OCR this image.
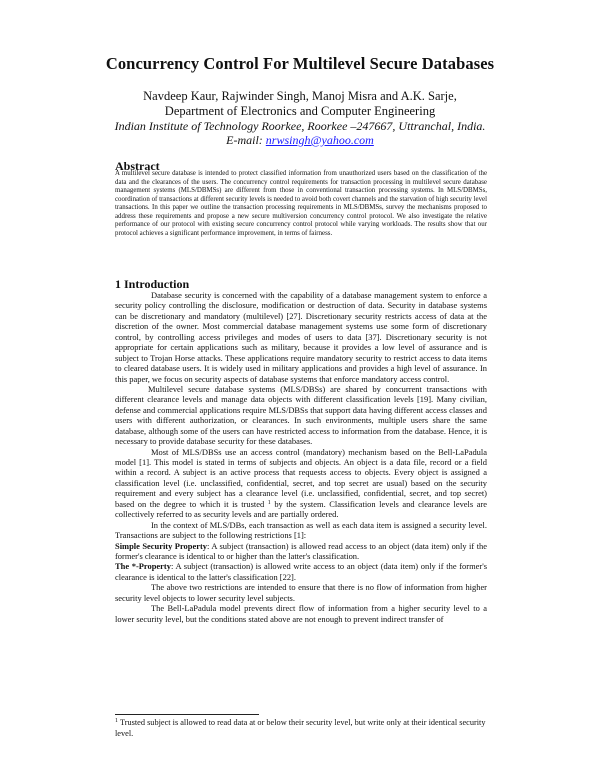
Concurrency Control For Multilevel Secure Databases
Navdeep Kaur, Rajwinder Singh, Manoj Misra and A.K. Sarje,
Department of Electronics and Computer Engineering
Indian Institute of Technology Roorkee, Roorkee –2476​67, Uttranchal, India.
E-mail: nrwsingh@yahoo.com
Abstract
A multilevel secure database is intended to protect classified information from unauthorized users based on the classification of the data and the clearances of the users. The concurrency control requirements for transaction processing in multilevel secure database management systems (MLS/DBMSs) are different from those in conventional transaction processing systems. In MLS/DBMSs, coordination of transactions at different security levels is needed to avoid both covert channels and the starvation of high security level transactions. In this paper we outline the transaction processing requirements in MLS/DBMSs, survey the mechanisms proposed to address these requirements and propose a new secure multiversion concurrency control protocol. We also investigate the relative performance of our protocol with existing secure concurrency control protocol while varying workloads. The results show that our protocol achieves a significant performance improvement, in terms of fairness.
1 Introduction

Database security is concerned with the capability of a database management system to enforce a security policy controlling the disclosure, modification or destruction of data. Security in database systems can be discretionary and mandatory (multilevel) [27]. Discretionary security restricts access of data at the discretion of the owner. Most commercial database management systems use some form of discretionary control, by controlling access privileges and modes of users to data [37]. Discretionary security is not appropriate for certain applications such as military, because it provides a low level of assurance and is subject to Trojan Horse attacks. These applications require mandatory security to restrict access to data items to cleared database users. It is widely used in military applications and provides a high level of assurance. In this paper, we focus on security aspects of database systems that enforce mandatory access control.

Multilevel secure database systems (MLS/DBSs) are shared by concurrent transactions with different clearance levels and manage data objects with different classification levels [19]. Many civilian, defense and commercial applications require MLS/DBSs that support data having different access classes and users with different authorization, or clearances. In such environments, multiple users share the same database, although some of the users can have restricted access to information from the database. Hence, it is necessary to provide database security for these databases.

Most of MLS/DBSs use an access control (mandatory) mechanism based on the Bell-LaPadula model [1]. This model is stated in terms of subjects and objects. An object is a data file, record or a field within a record. A subject is an active process that requests access to objects. Every object is assigned a classification level (i.e. unclassified, confidential, secret, and top secret are usual) based on the security requirement and every subject has a clearance level (i.e. unclassified, confidential, secret, and top secret) based on the degree to which it is trusted $^1$ by the system. Classification levels and clearance levels are collectively referred to as security levels and are partially ordered.

In the context of MLS/DBs, each transaction as well as each data item is assigned a security level. Transactions are subject to the following restrictions [1]:

Simple Security Property: A subject (transaction) is allowed read access to an object (data item) only if the former's clearance is identical to or higher than the latter's classification.

The *-Property: A subject (transaction) is allowed write access to an object (data item) only if the former's clearance is identical to the latter's classification [22].

The above two restrictions are intended to ensure that there is no flow of information from higher security level objects to lower security level subjects.

The Bell-LaPadula model prevents direct flow of information from a higher security level to a lower security level, but the conditions stated above are not enough to prevent indirect transfer of

$^1$ Trusted subject is allowed to read data at or below their security level, but write only at their identical security level.
